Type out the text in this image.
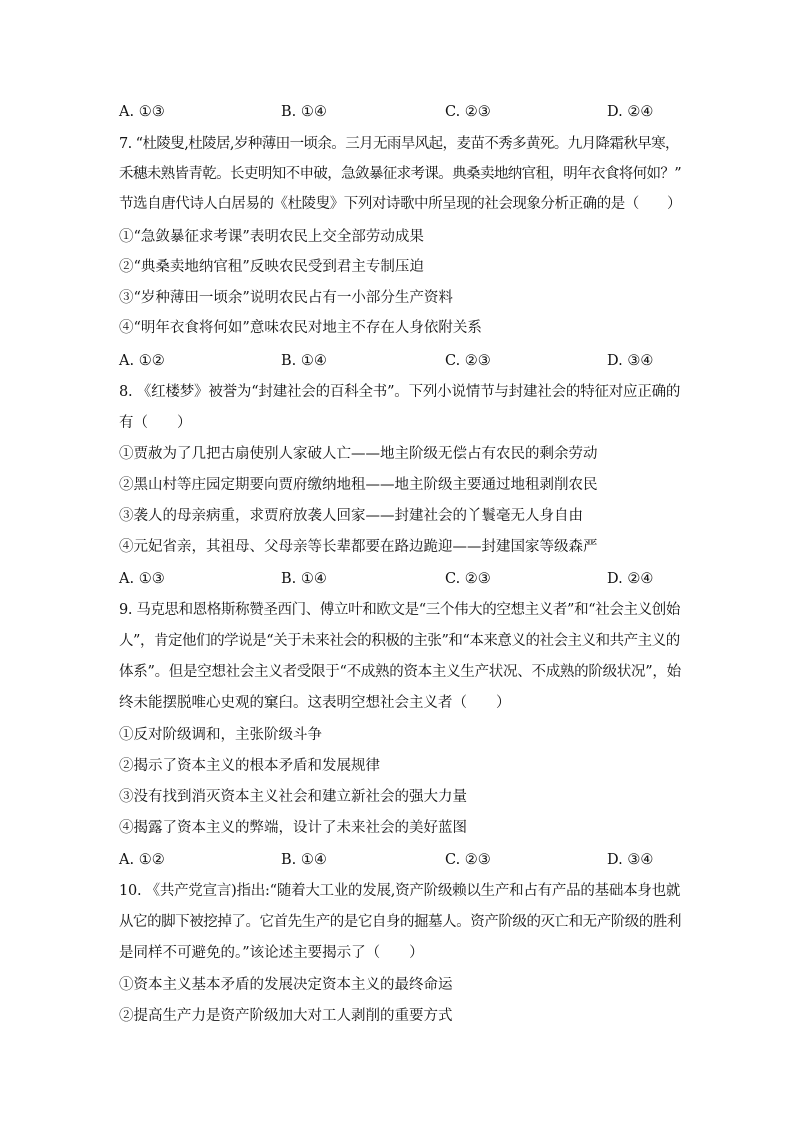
A. ①③	B. ①④	C. ②③	D. ②④
7. “杜陵叟,杜陵居,岁种薄田一顷余。三月无雨旱风起，麦苗不秀多黄死。九月降霜秋早寒，
禾穗未熟皆青乾。长吏明知不申破，急敛暴征求考课。典桑卖地纳官租，明年衣食将何如？”
节选自唐代诗人白居易的《杜陵叟》下列对诗歌中所呈现的社会现象分析正确的是（　　）
①“急敛暴征求考课”表明农民上交全部劳动成果
②“典桑卖地纳官租”反映农民受到君主专制压迫
③“岁种薄田一顷余”说明农民占有一小部分生产资料
④“明年衣食将何如”意味农民对地主不存在人身依附关系
A. ①②	B. ①④	C. ②③	D. ③④
8. 《红楼梦》被誉为“封建社会的百科全书”。下列小说情节与封建社会的特征对应正确的
有（　　）
①贾赦为了几把古扇使别人家破人亡——地主阶级无偿占有农民的剩余劳动
②黑山村等庄园定期要向贾府缴纳地租——地主阶级主要通过地租剥削农民
③袭人的母亲病重，求贾府放袭人回家——封建社会的丫鬟毫无人身自由
④元妃省亲，其祖母、父母亲等长辈都要在路边跪迎——封建国家等级森严
A. ①③	B. ①④	C. ②③	D. ②④
9. 马克思和恩格斯称赞圣西门、傅立叶和欧文是“三个伟大的空想主义者”和“社会主义创始
人”，肯定他们的学说是“关于未来社会的积极的主张”和“本来意义的社会主义和共产主义的
体系”。但是空想社会主义者受限于“不成熟的资本主义生产状况、不成熟的阶级状况”，始
终未能摆脱唯心史观的窠臼。这表明空想社会主义者（　　）
①反对阶级调和，主张阶级斗争
②揭示了资本主义的根本矛盾和发展规律
③没有找到消灭资本主义社会和建立新社会的强大力量
④揭露了资本主义的弊端，设计了未来社会的美好蓝图
A. ①②	B. ①④	C. ②③	D. ③④
10. 《共产党宣言)指出:“随着大工业的发展,资产阶级赖以生产和占有产品的基础本身也就
从它的脚下被挖掉了。它首先生产的是它自身的掘墓人。资产阶级的灭亡和无产阶级的胜利
是同样不可避免的。”该论述主要揭示了（　　）
①资本主义基本矛盾的发展决定资本主义的最终命运
②提高生产力是资产阶级加大对工人剥削的重要方式
